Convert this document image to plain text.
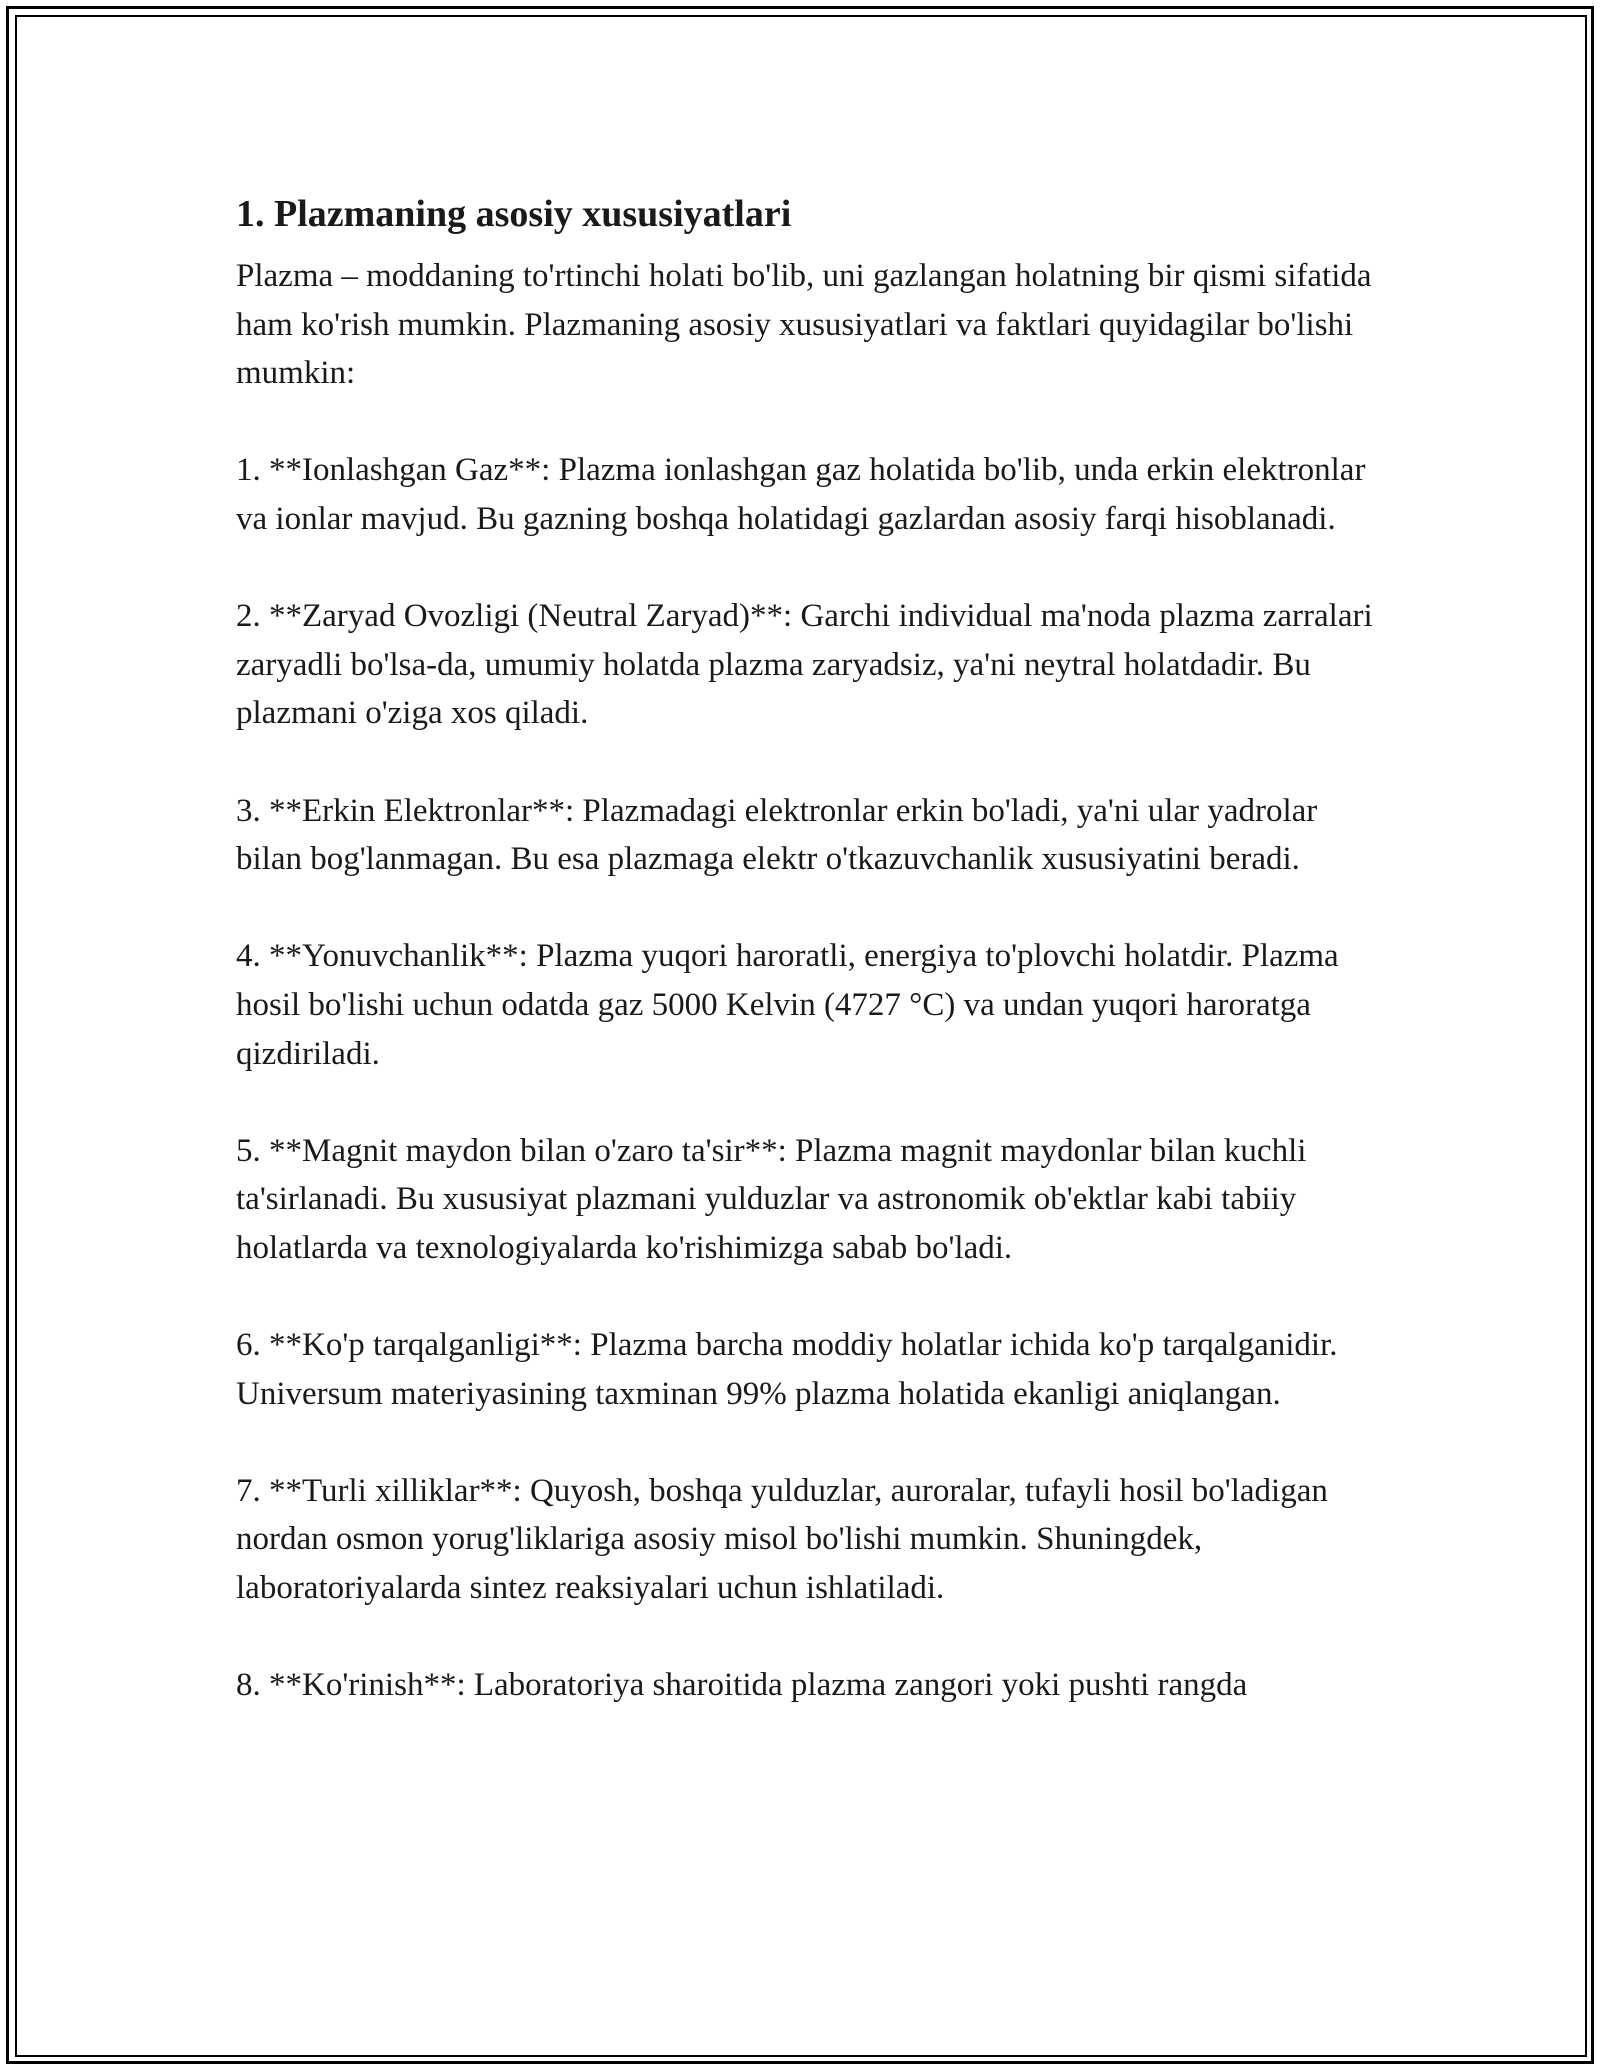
1. Plazmaning asosiy xususiyatlari

Plazma – moddaning to'rtinchi holati bo'lib, uni gazlangan holatning bir qismi sifatida ham ko'rish mumkin. Plazmaning asosiy xususiyatlari va faktlari quyidagilar bo'lishi mumkin:

1. **Ionlashgan Gaz**: Plazma ionlashgan gaz holatida bo'lib, unda erkin elektronlar va ionlar mavjud. Bu gazning boshqa holatidagi gazlardan asosiy farqi hisoblanadi.

2. **Zaryad Ovozligi (Neutral Zaryad)**: Garchi individual ma'noda plazma zarralari zaryadli bo'lsa-da, umumiy holatda plazma zaryadsiz, ya'ni neytral holatdadir. Bu plazmani o'ziga xos qiladi.

3. **Erkin Elektronlar**: Plazmadagi elektronlar erkin bo'ladi, ya'ni ular yadrolar bilan bog'lanmagan. Bu esa plazmaga elektr o'tkazuvchanlik xususiyatini beradi.

4. **Yonuvchanlik**: Plazma yuqori haroratli, energiya to'plovchi holatdir. Plazma hosil bo'lishi uchun odatda gaz 5000 Kelvin (4727 °C) va undan yuqori haroratga qizdiriladi.

5. **Magnit maydon bilan o'zaro ta'sir**: Plazma magnit maydonlar bilan kuchli ta'sirlanadi. Bu xususiyat plazmani yulduzlar va astronomik ob'ektlar kabi tabiiy holatlarda va texnologiyalarda ko'rishimizga sabab bo'ladi.

6. **Ko'p tarqalganligi**: Plazma barcha moddiy holatlar ichida ko'p tarqalganidir. Universum materiyasining taxminan 99% plazma holatida ekanligi aniqlangan.

7. **Turli xilliklar**: Quyosh, boshqa yulduzlar, auroralar, tufayli hosil bo'ladigan nordan osmon yorug'liklariga asosiy misol bo'lishi mumkin. Shuningdek, laboratoriyalarda sintez reaksiyalari uchun ishlatiladi.

8. **Ko'rinish**: Laboratoriya sharoitida plazma zangori yoki pushti rangda
